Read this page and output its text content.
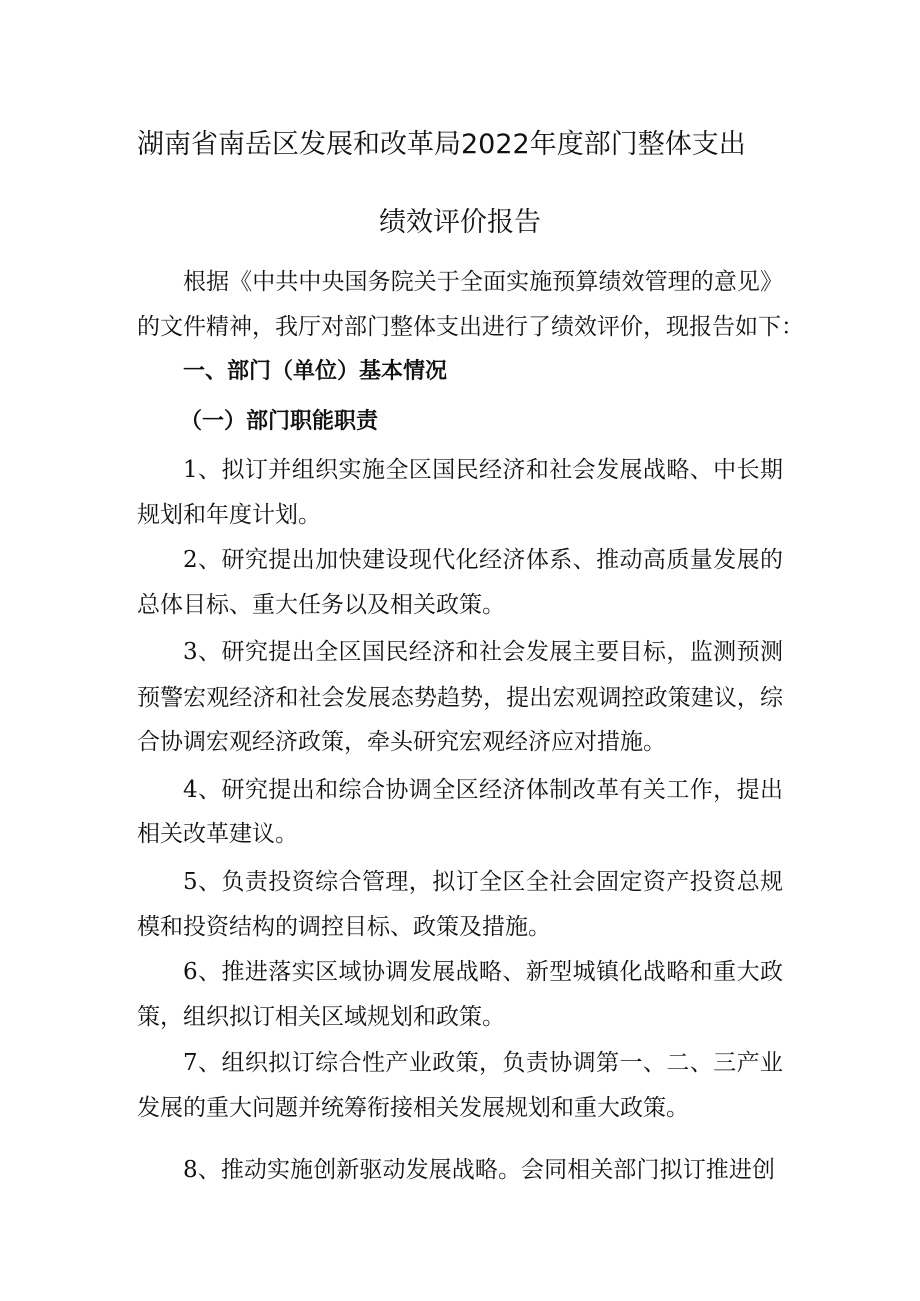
湖南省南岳区发展和改革局2022年度部门整体支出
绩效评价报告
根据《中共中央国务院关于全面实施预算绩效管理的意见》
的文件精神，我厅对部门整体支出进行了绩效评价，现报告如下：
一、部门（单位）基本情况
（一）部门职能职责
1、拟订并组织实施全区国民经济和社会发展战略、中长期
规划和年度计划。
2、研究提出加快建设现代化经济体系、推动高质量发展的
总体目标、重大任务以及相关政策。
3、研究提出全区国民经济和社会发展主要目标，监测预测
预警宏观经济和社会发展态势趋势，提出宏观调控政策建议，综
合协调宏观经济政策，牵头研究宏观经济应对措施。
4、研究提出和综合协调全区经济体制改革有关工作，提出
相关改革建议。
5、负责投资综合管理，拟订全区全社会固定资产投资总规
模和投资结构的调控目标、政策及措施。
6、推进落实区域协调发展战略、新型城镇化战略和重大政
策，组织拟订相关区域规划和政策。
7、组织拟订综合性产业政策，负责协调第一、二、三产业
发展的重大问题并统筹衔接相关发展规划和重大政策。
8、推动实施创新驱动发展战略。会同相关部门拟订推进创
